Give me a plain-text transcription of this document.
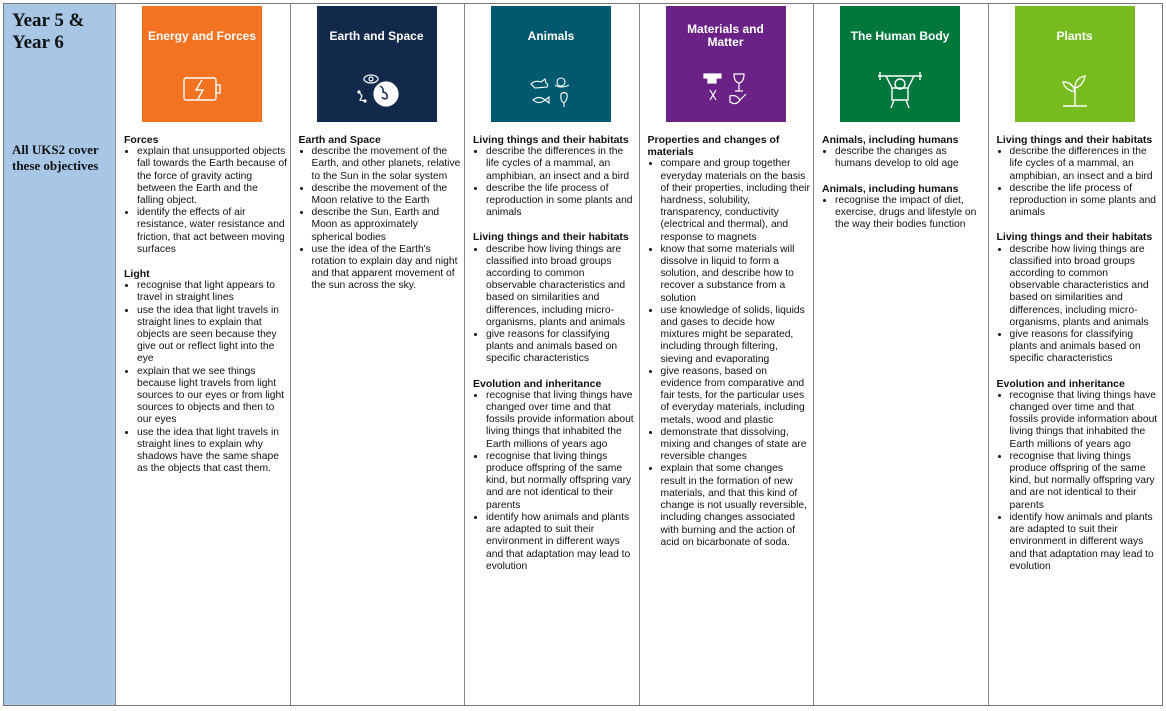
Year 5 &
Year 6
All UKS2 cover these objectives
Energy and Forces
Forces
• explain that unsupported objects fall towards the Earth because of the force of gravity acting between the Earth and the falling object.
• identify the effects of air resistance, water resistance and friction, that act between moving surfaces
Light
• recognise that light appears to travel in straight lines
• use the idea that light travels in straight lines to explain that objects are seen because they give out or reflect light into the eye
• explain that we see things because light travels from light sources to our eyes or from light sources to objects and then to our eyes
• use the idea that light travels in straight lines to explain why shadows have the same shape as the objects that cast them.
Earth and Space
Earth and Space
• describe the movement of the Earth, and other planets, relative to the Sun in the solar system
• describe the movement of the Moon relative to the Earth
• describe the Sun, Earth and Moon as approximately spherical bodies
• use the idea of the Earth's rotation to explain day and night and that apparent movement of the sun across the sky.
Animals
Living things and their habitats
• describe the differences in the life cycles of a mammal, an amphibian, an insect and a bird
• describe the life process of reproduction in some plants and animals
Living things and their habitats
• describe how living things are classified into broad groups according to common observable characteristics and based on similarities and differences, including micro-organisms, plants and animals
• give reasons for classifying plants and animals based on specific characteristics
Evolution and inheritance
• recognise that living things have changed over time and that fossils provide information about living things that inhabited the Earth millions of years ago
• recognise that living things produce offspring of the same kind, but normally offspring vary and are not identical to their parents
• identify how animals and plants are adapted to suit their environment in different ways and that adaptation may lead to evolution
Materials and Matter
Properties and changes of materials
• compare and group together everyday materials on the basis of their properties, including their hardness, solubility, transparency, conductivity (electrical and thermal), and response to magnets
• know that some materials will dissolve in liquid to form a solution, and describe how to recover a substance from a solution
• use knowledge of solids, liquids and gases to decide how mixtures might be separated, including through filtering, sieving and evaporating
• give reasons, based on evidence from comparative and fair tests, for the particular uses of everyday materials, including metals, wood and plastic
• demonstrate that dissolving, mixing and changes of state are reversible changes
• explain that some changes result in the formation of new materials, and that this kind of change is not usually reversible, including changes associated with burning and the action of acid on bicarbonate of soda.
The Human Body
Animals, including humans
• describe the changes as humans develop to old age
Animals, including humans
• recognise the impact of diet, exercise, drugs and lifestyle on the way their bodies function
Plants
Living things and their habitats
• describe the differences in the life cycles of a mammal, an amphibian, an insect and a bird
• describe the life process of reproduction in some plants and animals
Living things and their habitats
• describe how living things are classified into broad groups according to common observable characteristics and based on similarities and differences, including micro-organisms, plants and animals
• give reasons for classifying plants and animals based on specific characteristics
Evolution and inheritance
• recognise that living things have changed over time and that fossils provide information about living things that inhabited the Earth millions of years ago
• recognise that living things produce offspring of the same kind, but normally offspring vary and are not identical to their parents
• identify how animals and plants are adapted to suit their environment in different ways and that adaptation may lead to evolution
